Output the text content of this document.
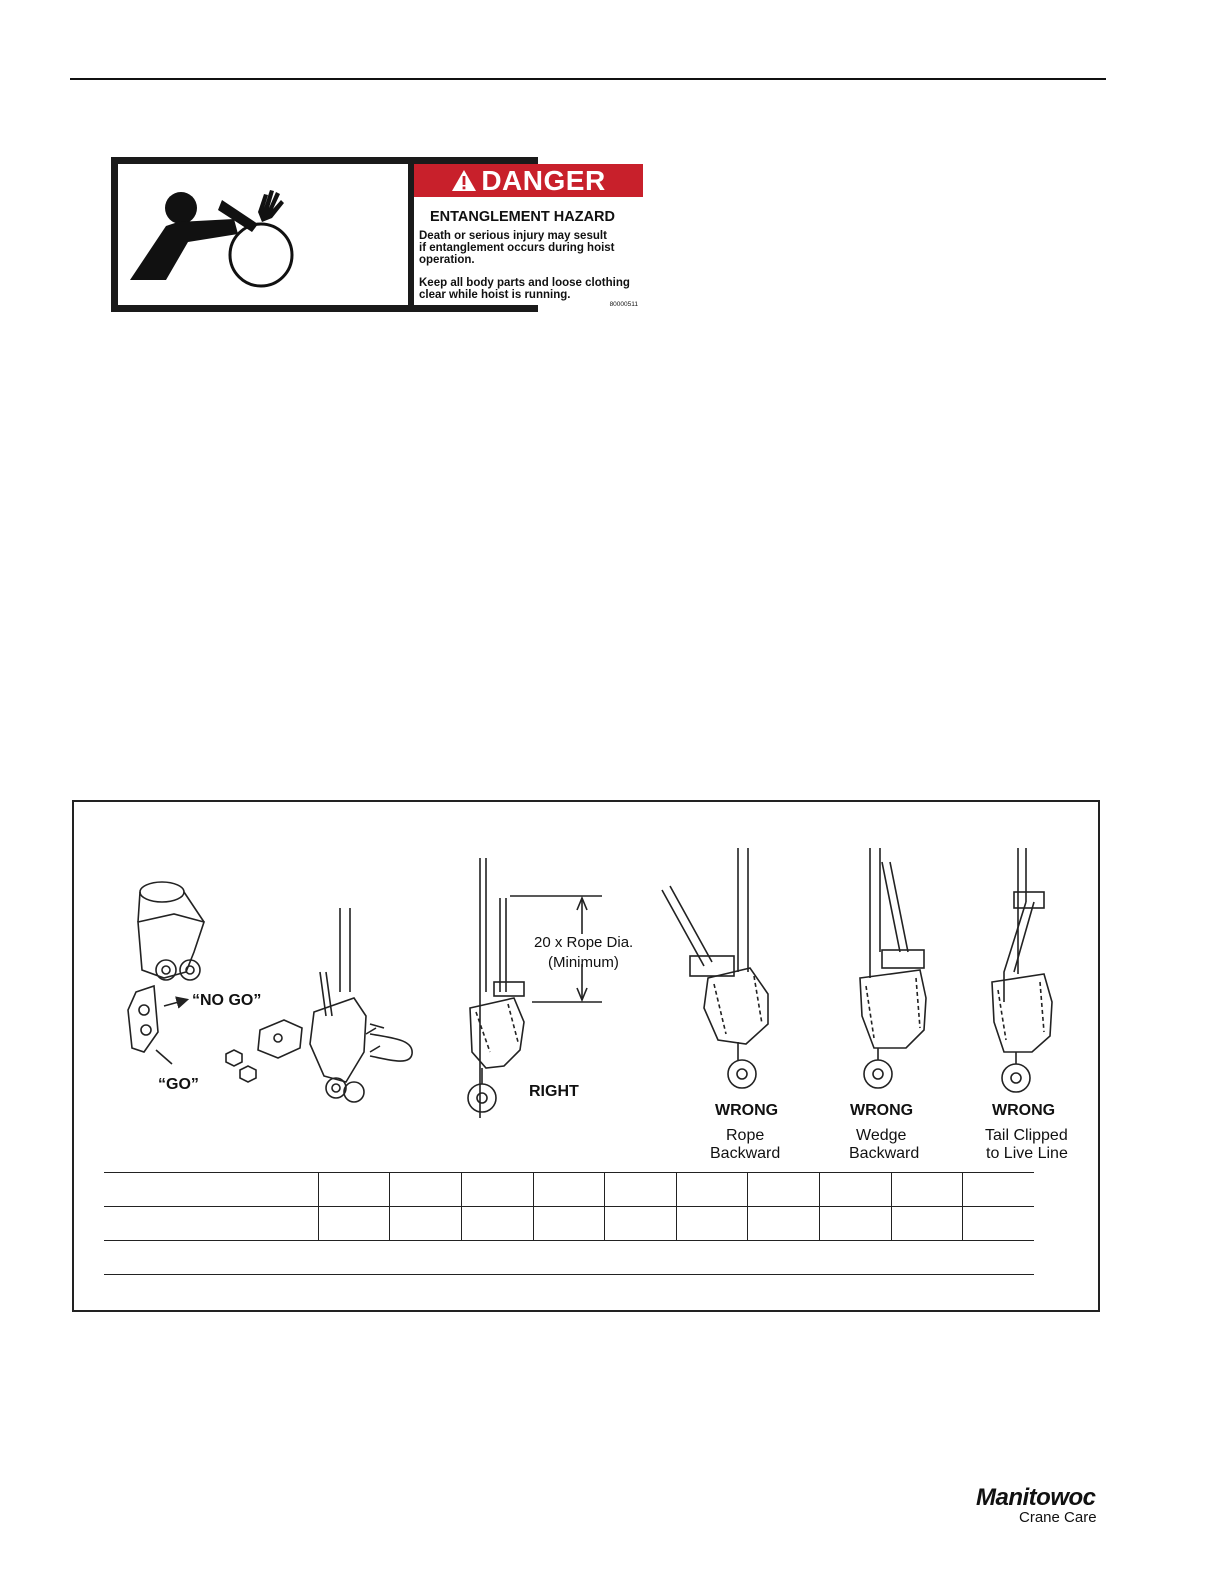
DANGER
ENTANGLEMENT HAZARD
Death or serious injury may sesult
if entanglement occurs during hoist
operation.
Keep all body parts and loose clothing
clear while hoist is running.
80000511
“NO GO”
“GO”
20 x Rope Dia.
(Minimum)
RIGHT
WRONG
Rope
Backward
WRONG
Wedge
Backward
WRONG
Tail Clipped
to Live Line
Manitowoc
Crane Care
